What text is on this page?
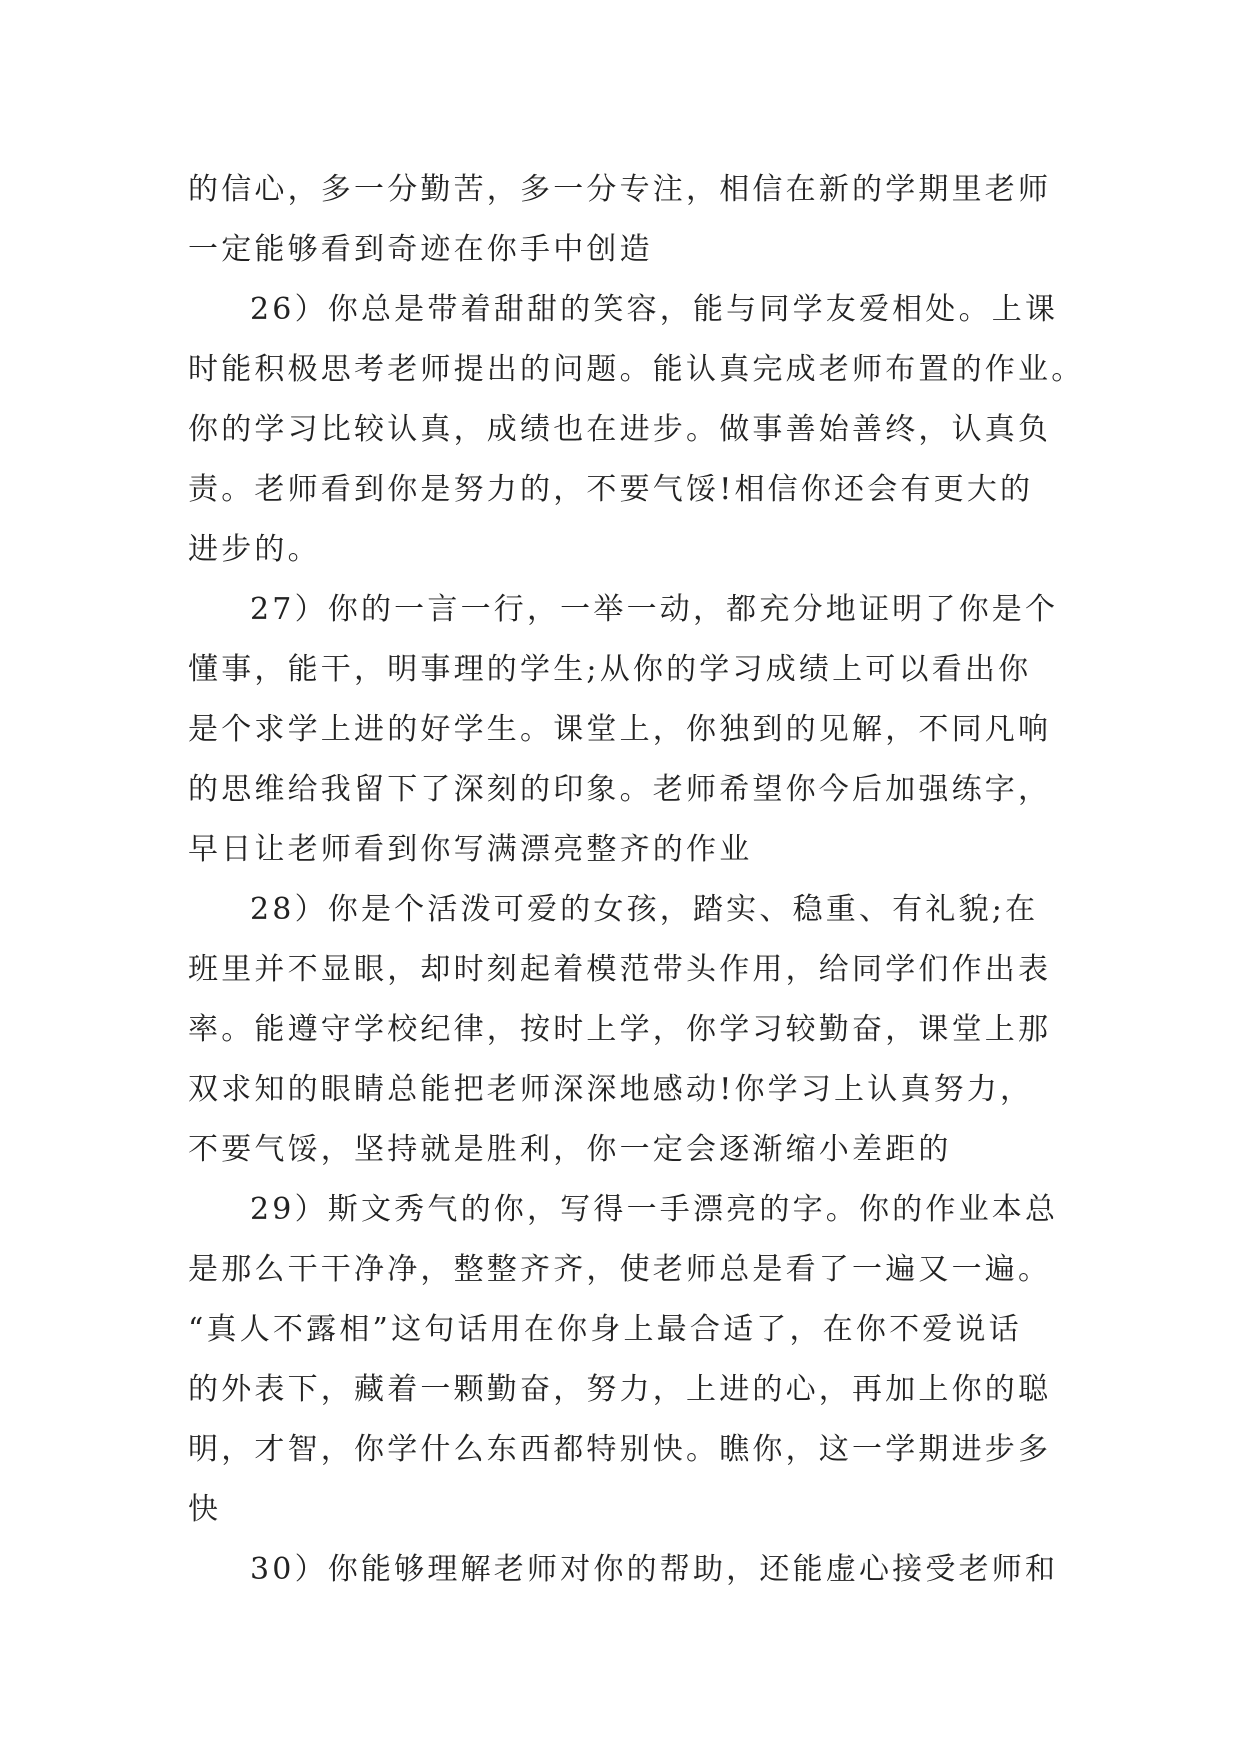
的信心，多一分勤苦，多一分专注，相信在新的学期里老师
一定能够看到奇迹在你手中创造
26）你总是带着甜甜的笑容，能与同学友爱相处。上课
时能积极思考老师提出的问题。能认真完成老师布置的作业。
你的学习比较认真，成绩也在进步。做事善始善终，认真负
责。老师看到你是努力的，不要气馁!相信你还会有更大的
进步的。
27）你的一言一行，一举一动，都充分地证明了你是个
懂事，能干，明事理的学生;从你的学习成绩上可以看出你
是个求学上进的好学生。课堂上，你独到的见解，不同凡响
的思维给我留下了深刻的印象。老师希望你今后加强练字，
早日让老师看到你写满漂亮整齐的作业
28）你是个活泼可爱的女孩，踏实、稳重、有礼貌;在
班里并不显眼，却时刻起着模范带头作用，给同学们作出表
率。能遵守学校纪律，按时上学，你学习较勤奋，课堂上那
双求知的眼睛总能把老师深深地感动!你学习上认真努力，
不要气馁，坚持就是胜利，你一定会逐渐缩小差距的
29）斯文秀气的你，写得一手漂亮的字。你的作业本总
是那么干干净净，整整齐齐，使老师总是看了一遍又一遍。
“真人不露相”这句话用在你身上最合适了，在你不爱说话
的外表下，藏着一颗勤奋，努力，上进的心，再加上你的聪
明，才智，你学什么东西都特别快。瞧你，这一学期进步多
快
30）你能够理解老师对你的帮助，还能虚心接受老师和
